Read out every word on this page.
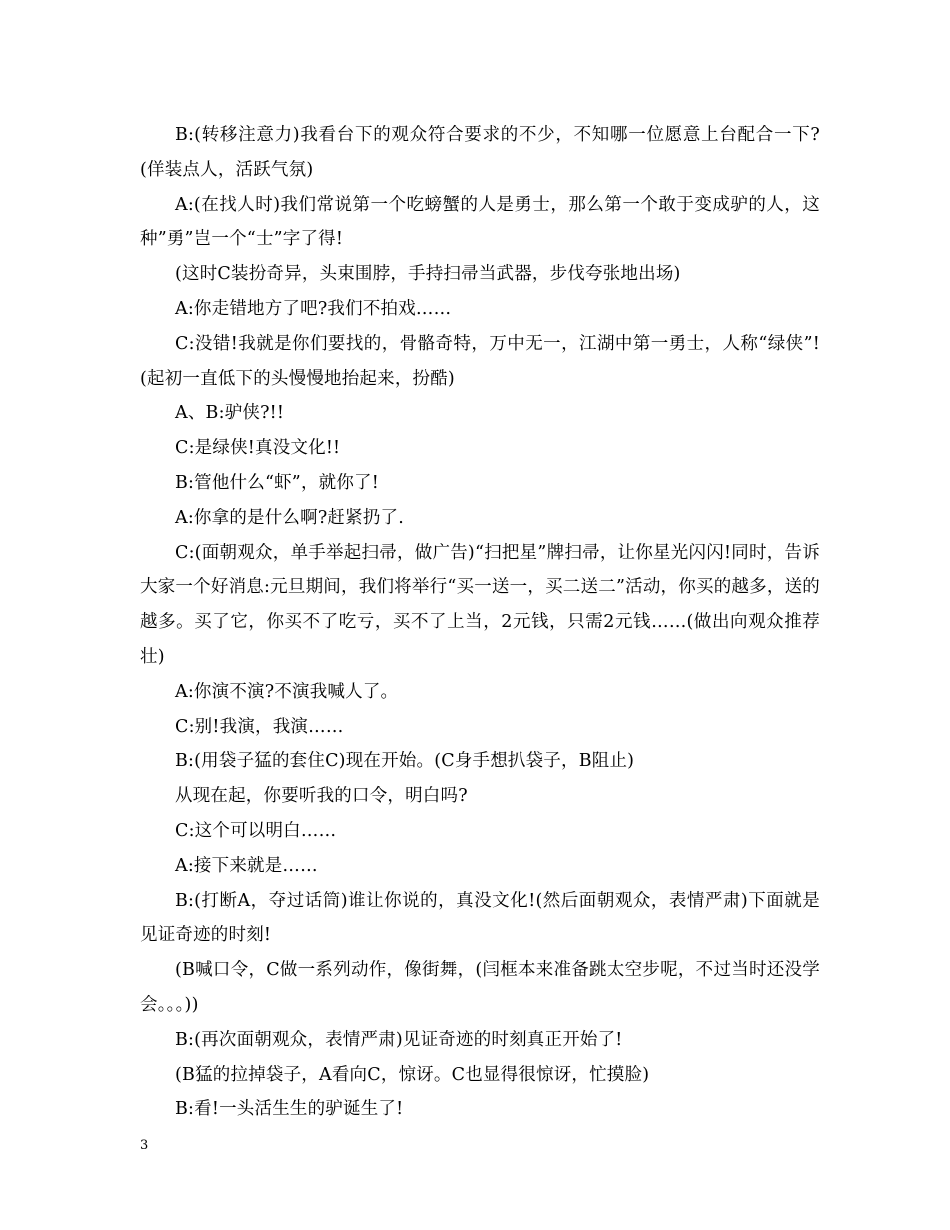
B:(转移注意力)我看台下的观众符合要求的不少，不知哪一位愿意上台配合一下?(佯装点人，活跃气氛)

A:(在找人时)我们常说第一个吃螃蟹的人是勇士，那么第一个敢于变成驴的人，这种”勇”岂一个“士”字了得!

(这时C装扮奇异，头束围脖，手持扫帚当武器，步伐夸张地出场)

A:你走错地方了吧?我们不拍戏……

C:没错!我就是你们要找的，骨骼奇特，万中无一，江湖中第一勇士，人称“绿侠”!(起初一直低下的头慢慢地抬起来，扮酷)

A、B:驴侠?!!

C:是绿侠!真没文化!!

B:管他什么“虾”，就你了!

A:你拿的是什么啊?赶紧扔了.

C:(面朝观众，单手举起扫帚，做广告)“扫把星”牌扫帚，让你星光闪闪!同时，告诉大家一个好消息:元旦期间，我们将举行“买一送一，买二送二”活动，你买的越多，送的越多。买了它，你买不了吃亏，买不了上当，2元钱，只需2元钱……(做出向观众推荐壮)

A:你演不演?不演我喊人了。

C:别!我演，我演……

B:(用袋子猛的套住C)现在开始。(C身手想扒袋子，B阻止)

从现在起，你要听我的口令，明白吗?

C:这个可以明白……

A:接下来就是……

B:(打断A，夺过话筒)谁让你说的，真没文化!(然后面朝观众，表情严肃)下面就是见证奇迹的时刻!

(B喊口令，C做一系列动作，像街舞，(闫框本来准备跳太空步呢，不过当时还没学会。。。))

B:(再次面朝观众，表情严肃)见证奇迹的时刻真正开始了!

(B猛的拉掉袋子，A看向C，惊讶。C也显得很惊讶，忙摸脸)

B:看!一头活生生的驴诞生了!

3
